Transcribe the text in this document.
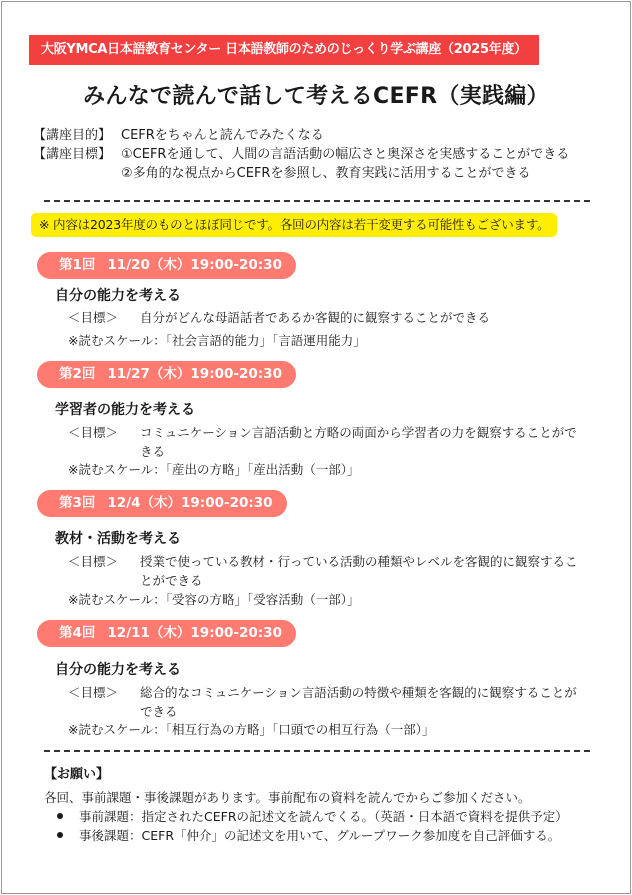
大阪YMCA日本語教育センター 日本語教師のためのじっくり学ぶ講座（2025年度）
みんなで読んで話して考えるCEFR（実践編）
【講座目的】 CEFRをちゃんと読んでみたくなる
【講座目標】 ①CEFRを通して、人間の言語活動の幅広さと奥深さを実感することができる
②多角的な視点からCEFRを参照し、教育実践に活用することができる
※ 内容は2023年度のものとほぼ同じです。各回の内容は若干変更する可能性もございます。
第1回 11/20（木）19:00-20:30
自分の能力を考える
＜目標＞	自分がどんな母語話者であるか客観的に観察することができる
※読むスケール：「社会言語的能力」「言語運用能力」
第2回 11/27（木）19:00-20:30
学習者の能力を考える
＜目標＞	コミュニケーション言語活動と方略の両面から学習者の力を観察することができる
※読むスケール：「産出の方略」「産出活動（一部）」
第3回 12/4（木）19:00-20:30
教材・活動を考える
＜目標＞	授業で使っている教材・行っている活動の種類やレベルを客観的に観察することができる
※読むスケール：「受容の方略」「受容活動（一部）」
第4回 12/11（木）19:00-20:30
自分の能力を考える
＜目標＞	総合的なコミュニケーション言語活動の特徴や種類を客観的に観察することができる
※読むスケール：「相互行為の方略」「口頭での相互行為（一部）」
【お願い】
各回、事前課題・事後課題があります。事前配布の資料を読んでからご参加ください。
事前課題：指定されたCEFRの記述文を読んでくる。（英語・日本語で資料を提供予定）
事後課題：CEFR「仲介」の記述文を用いて、グループワーク参加度を自己評価する。
